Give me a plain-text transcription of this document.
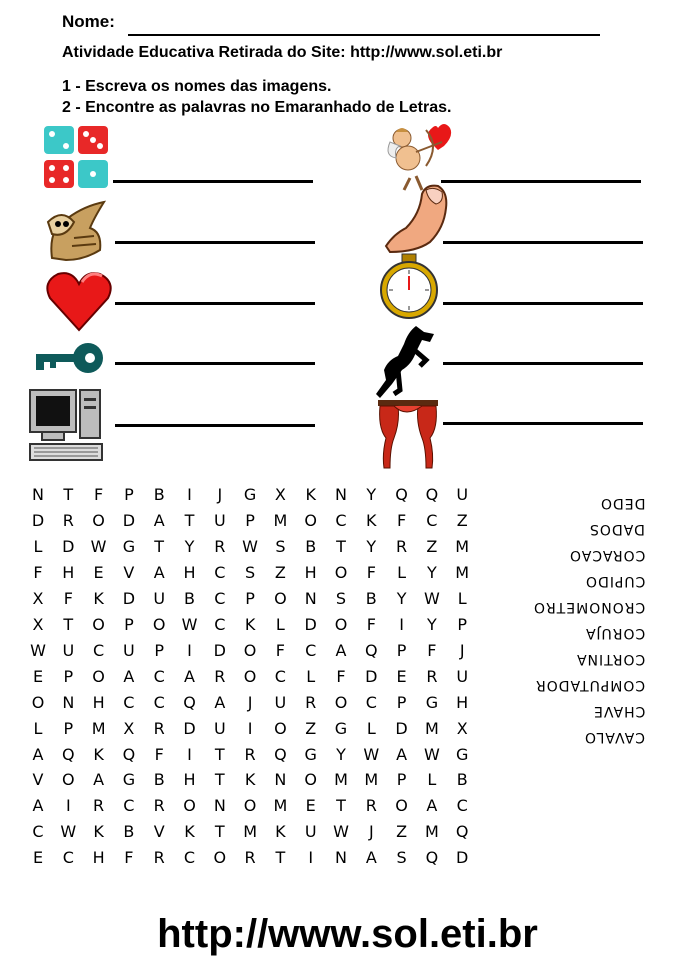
Nome:
Atividade Educativa Retirada do Site: http://www.sol.eti.br
1 - Escreva os nomes das imagens.
2 - Encontre as palavras no Emaranhado de Letras.
N	T	F	P	B	I	J	G	X	K	N	Y	Q	Q	U
D	R	O	D	A	T	U	P	M	O	C	K	F	C	Z
L	D	W	G	T	Y	R	W	S	B	T	Y	R	Z	M
F	H	E	V	A	H	C	S	Z	H	O	F	L	Y	M
X	F	K	D	U	B	C	P	O	N	S	B	Y	W	L
X	T	O	P	O	W	C	K	L	D	O	F	I	Y	P
W	U	C	U	P	I	D	O	F	C	A	Q	P	F	J
E	P	O	A	C	A	R	O	C	L	F	D	E	R	U
O	N	H	C	C	Q	A	J	U	R	O	C	P	G	H
L	P	M	X	R	D	U	I	O	Z	G	L	D	M	X
A	Q	K	Q	F	I	T	R	Q	G	Y	W	A	W	G
V	O	A	G	B	H	T	K	N	O	M	M	P	L	B
A	I	R	C	R	O	N	O	M	E	T	R	O	A	C
C	W	K	B	V	K	T	M	K	U	W	J	Z	M	Q
E	C	H	F	R	C	O	R	T	I	N	A	S	Q	D
DEDO
DADOS
CORACAO
CUPIDO
CRONOMETRO
CORUJA
CORTINA
COMPUTADOR
CHAVE
CAVALO
http://www.sol.eti.br
